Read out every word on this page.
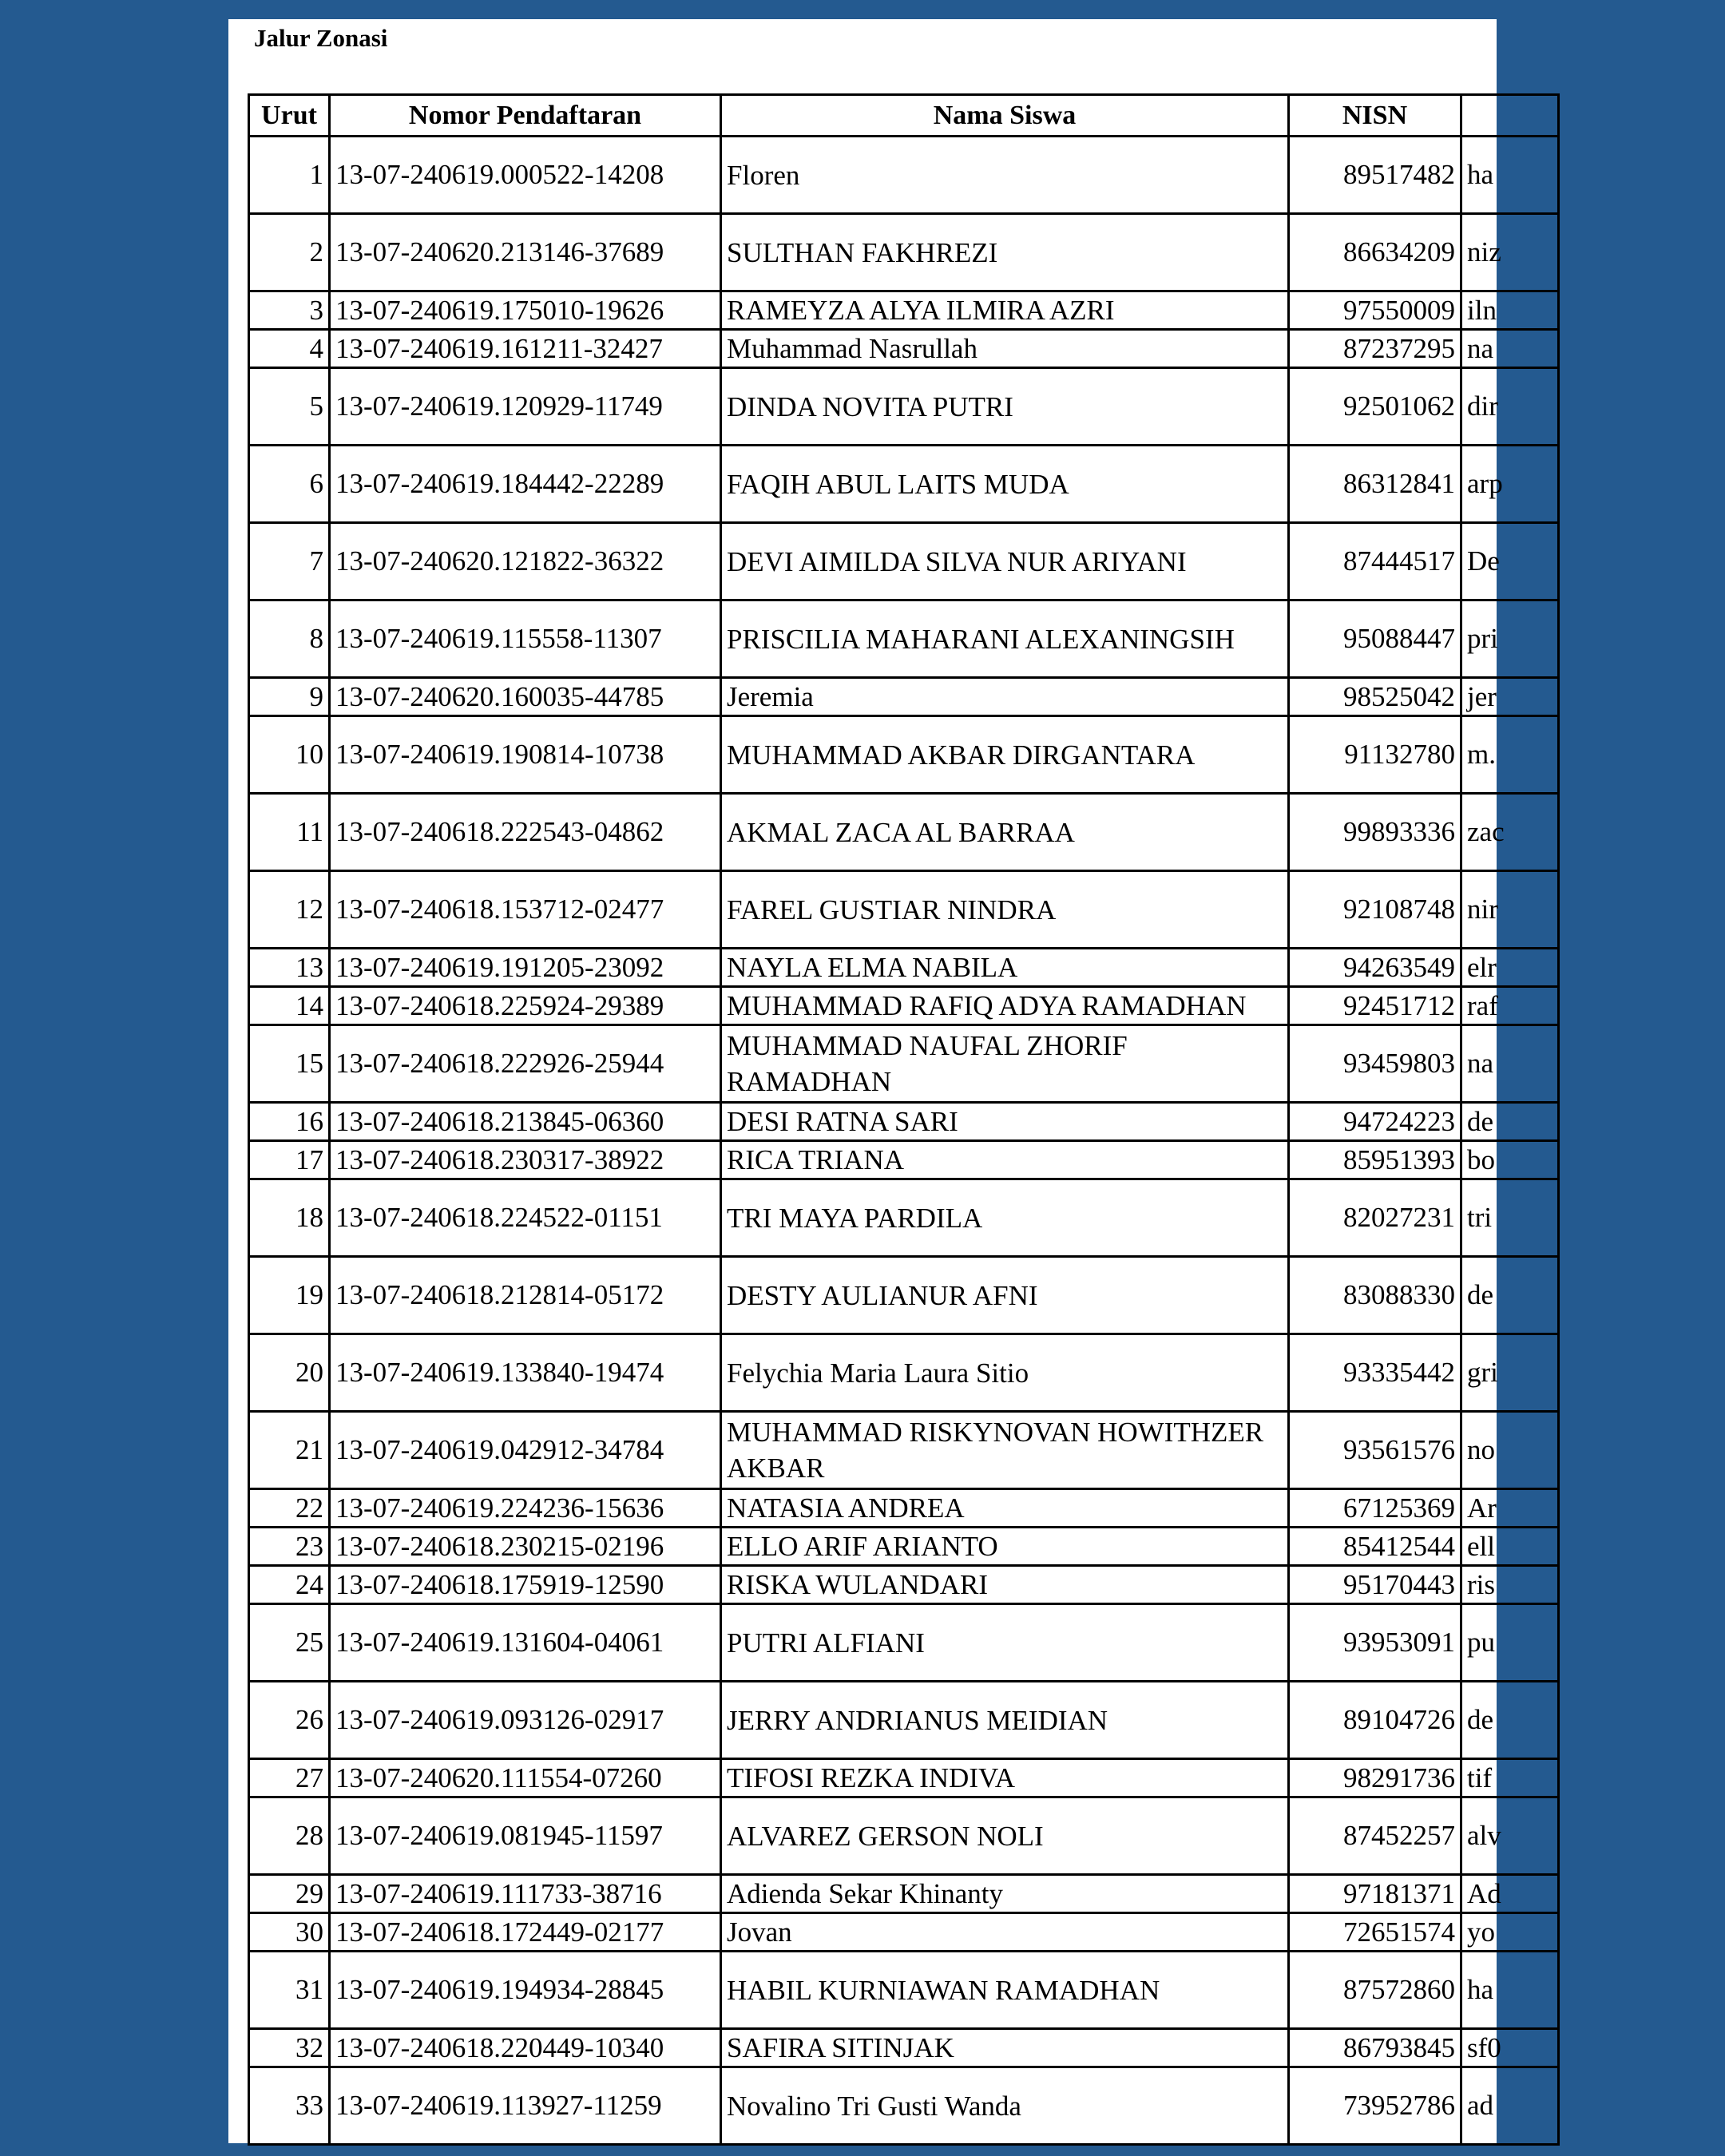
Jalur Zonasi
Urut	Nomor Pendaftaran	Nama Siswa	NISN	
1	13-07-240619.000522-14208	Floren	89517482	ha
2	13-07-240620.213146-37689	SULTHAN FAKHREZI	86634209	niz
3	13-07-240619.175010-19626	RAMEYZA ALYA ILMIRA AZRI	97550009	iln
4	13-07-240619.161211-32427	Muhammad Nasrullah	87237295	na
5	13-07-240619.120929-11749	DINDA NOVITA PUTRI	92501062	dir
6	13-07-240619.184442-22289	FAQIH ABUL LAITS MUDA	86312841	arp
7	13-07-240620.121822-36322	DEVI AIMILDA SILVA NUR ARIYANI	87444517	De
8	13-07-240619.115558-11307	PRISCILIA MAHARANI ALEXANINGSIH	95088447	pri
9	13-07-240620.160035-44785	Jeremia	98525042	jer
10	13-07-240619.190814-10738	MUHAMMAD AKBAR DIRGANTARA	91132780	m.
11	13-07-240618.222543-04862	AKMAL ZACA AL BARRAA	99893336	zac
12	13-07-240618.153712-02477	FAREL GUSTIAR NINDRA	92108748	nir
13	13-07-240619.191205-23092	NAYLA ELMA NABILA	94263549	elr
14	13-07-240618.225924-29389	MUHAMMAD RAFIQ ADYA RAMADHAN	92451712	raf
15	13-07-240618.222926-25944	MUHAMMAD NAUFAL ZHORIF RAMADHAN	93459803	na
16	13-07-240618.213845-06360	DESI RATNA SARI	94724223	de
17	13-07-240618.230317-38922	RICA TRIANA	85951393	bo
18	13-07-240618.224522-01151	TRI MAYA PARDILA	82027231	tri
19	13-07-240618.212814-05172	DESTY AULIANUR AFNI	83088330	de
20	13-07-240619.133840-19474	Felychia Maria Laura Sitio	93335442	gri
21	13-07-240619.042912-34784	MUHAMMAD RISKYNOVAN HOWITHZER AKBAR	93561576	no
22	13-07-240619.224236-15636	NATASIA ANDREA	67125369	Ar
23	13-07-240618.230215-02196	ELLO ARIF ARIANTO	85412544	ell
24	13-07-240618.175919-12590	RISKA WULANDARI	95170443	ris
25	13-07-240619.131604-04061	PUTRI ALFIANI	93953091	pu
26	13-07-240619.093126-02917	JERRY ANDRIANUS MEIDIAN	89104726	de
27	13-07-240620.111554-07260	TIFOSI REZKA INDIVA	98291736	tif
28	13-07-240619.081945-11597	ALVAREZ GERSON NOLI	87452257	alv
29	13-07-240619.111733-38716	Adienda Sekar Khinanty	97181371	Ad
30	13-07-240618.172449-02177	Jovan	72651574	yo
31	13-07-240619.194934-28845	HABIL KURNIAWAN RAMADHAN	87572860	ha
32	13-07-240618.220449-10340	SAFIRA SITINJAK	86793845	sf0
33	13-07-240619.113927-11259	Novalino Tri Gusti Wanda	73952786	ad
